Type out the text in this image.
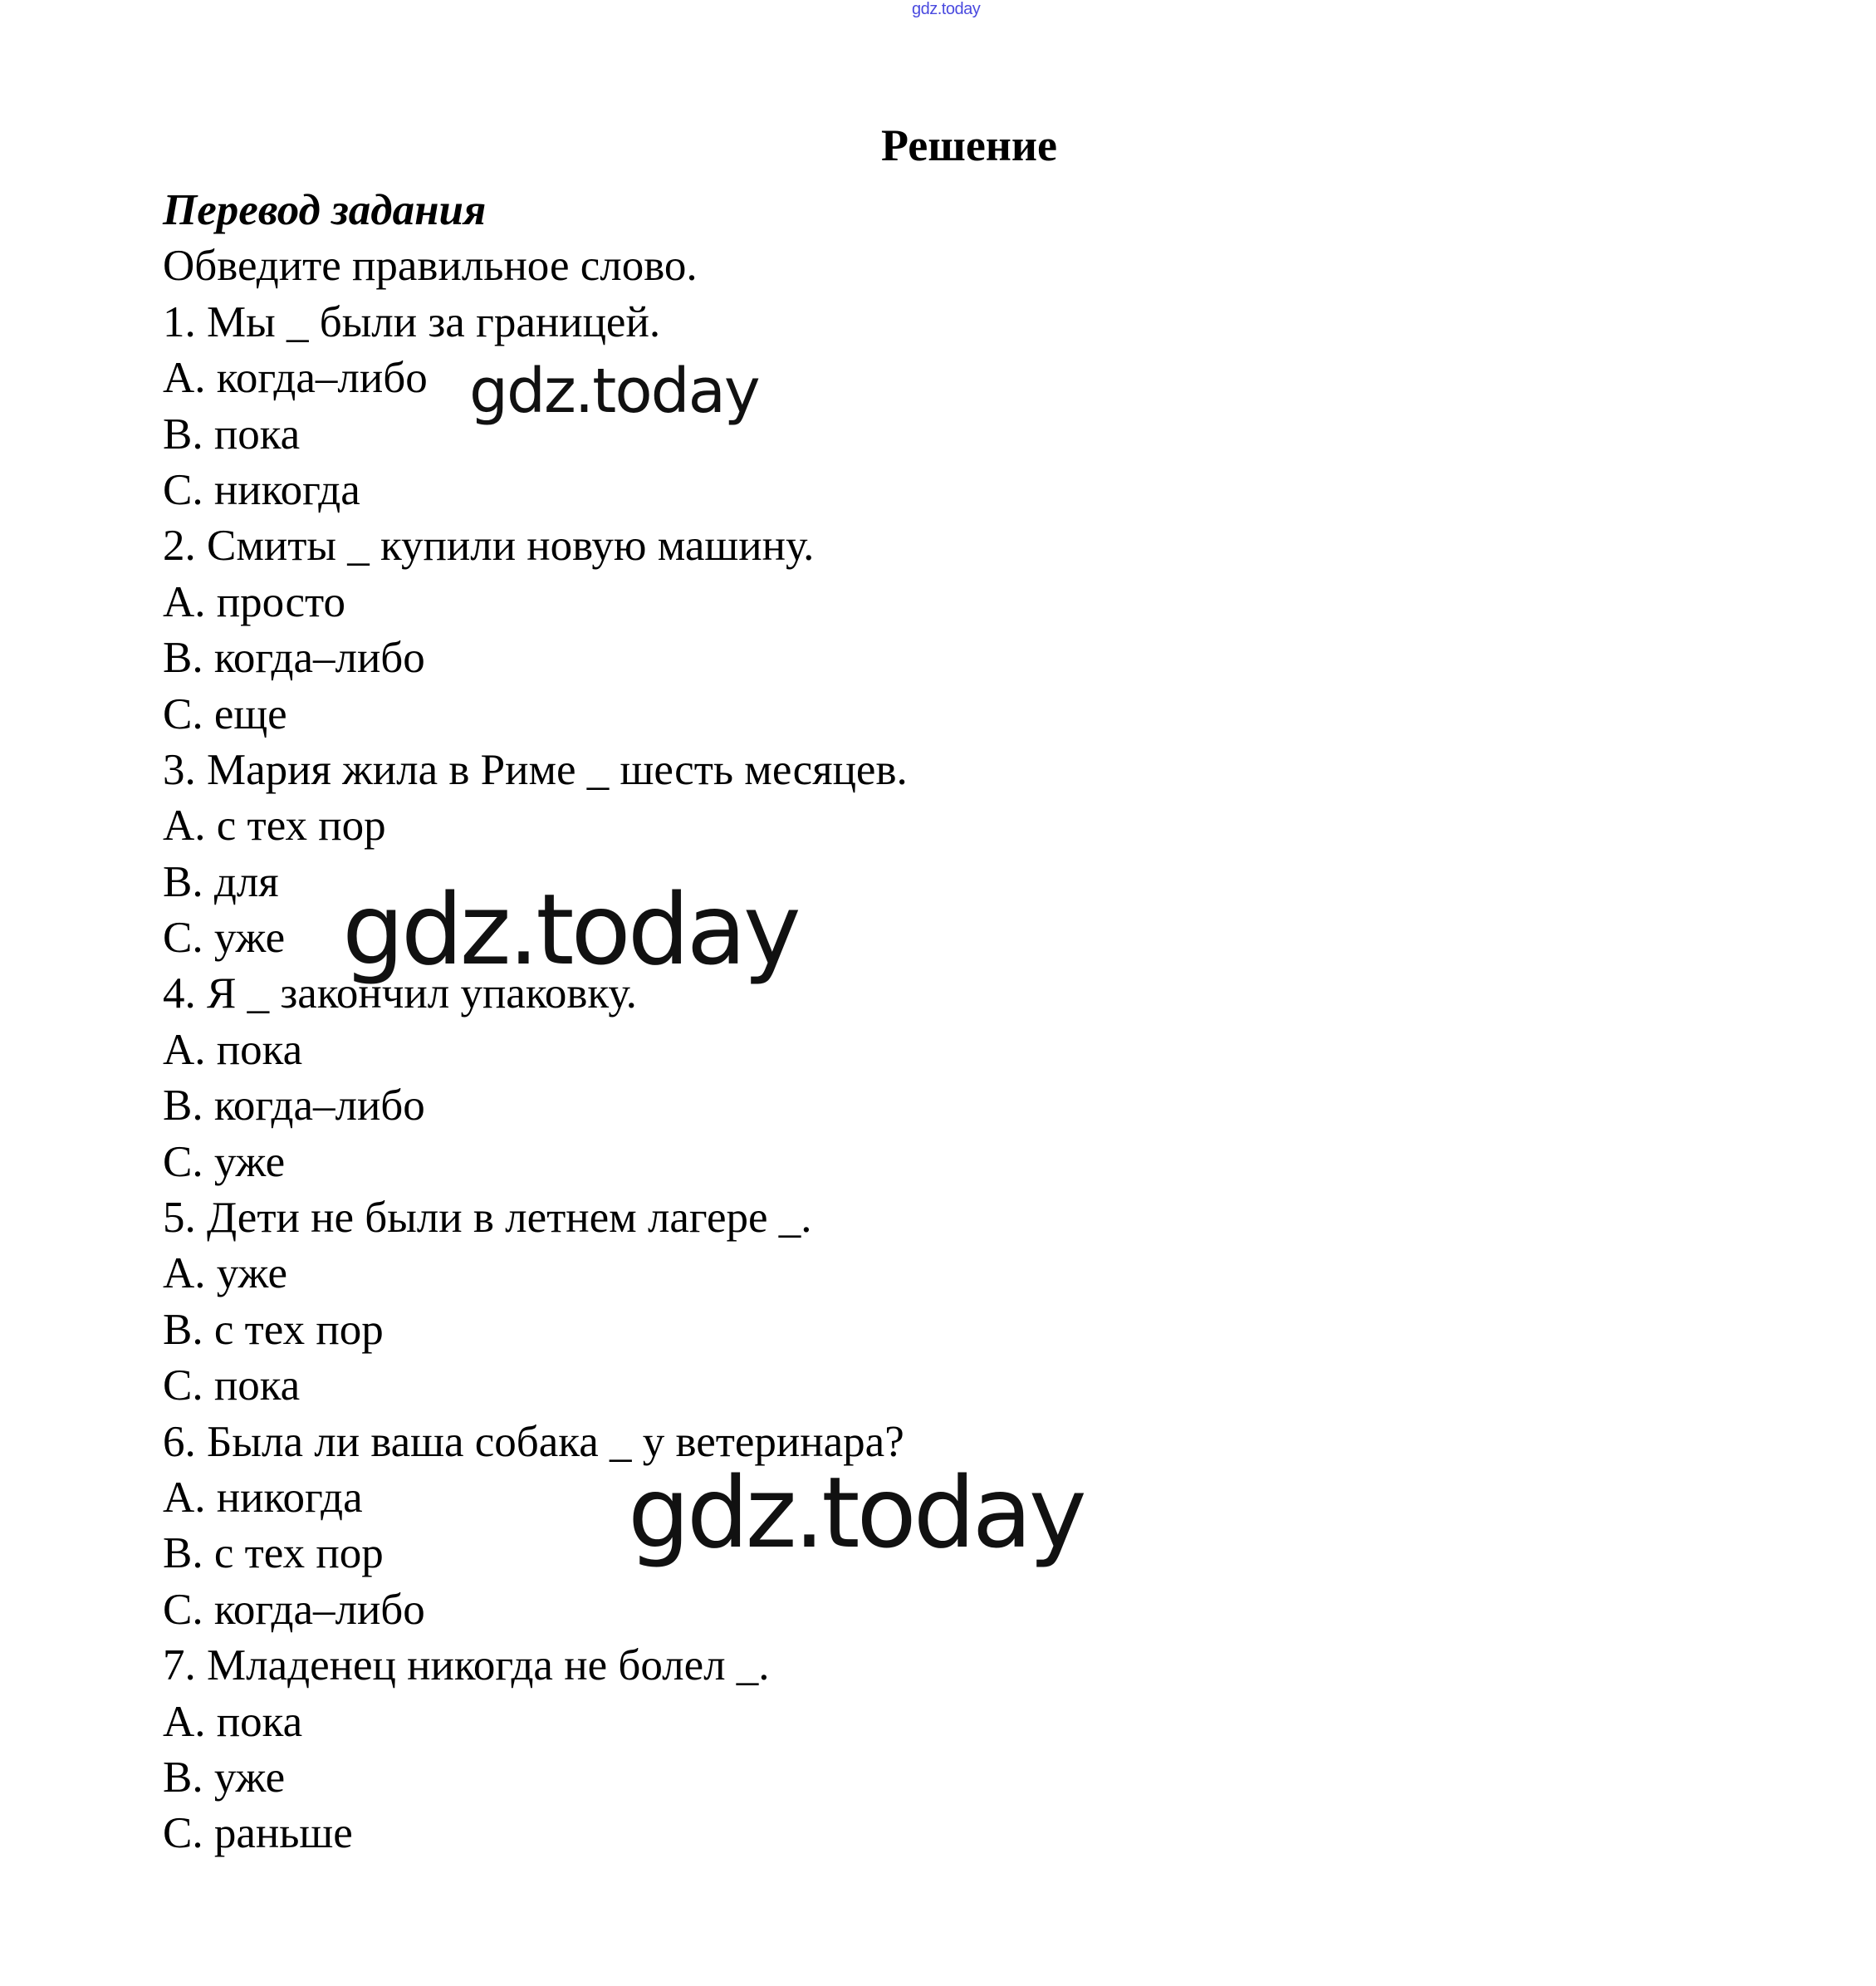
gdz.today
Решение
Перевод задания
Обведите правильное слово.
1. Мы _ были за границей.
A. когда–либо
B. пока
C. никогда
2. Смиты _ купили новую машину.
A. просто
B. когда–либо
C. еще
3. Мария жила в Риме _ шесть месяцев.
A. с тех пор
B. для
C. уже
4. Я _ закончил упаковку.
A. пока
B. когда–либо
C. уже
5. Дети не были в летнем лагере _.
A. уже
B. с тех пор
C. пока
6. Была ли ваша собака _ у ветеринара?
A. никогда
B. с тех пор
C. когда–либо
7. Младенец никогда не болел _.
A. пока
B. уже
C. раньше
gdz.today
gdz.today
gdz.today
